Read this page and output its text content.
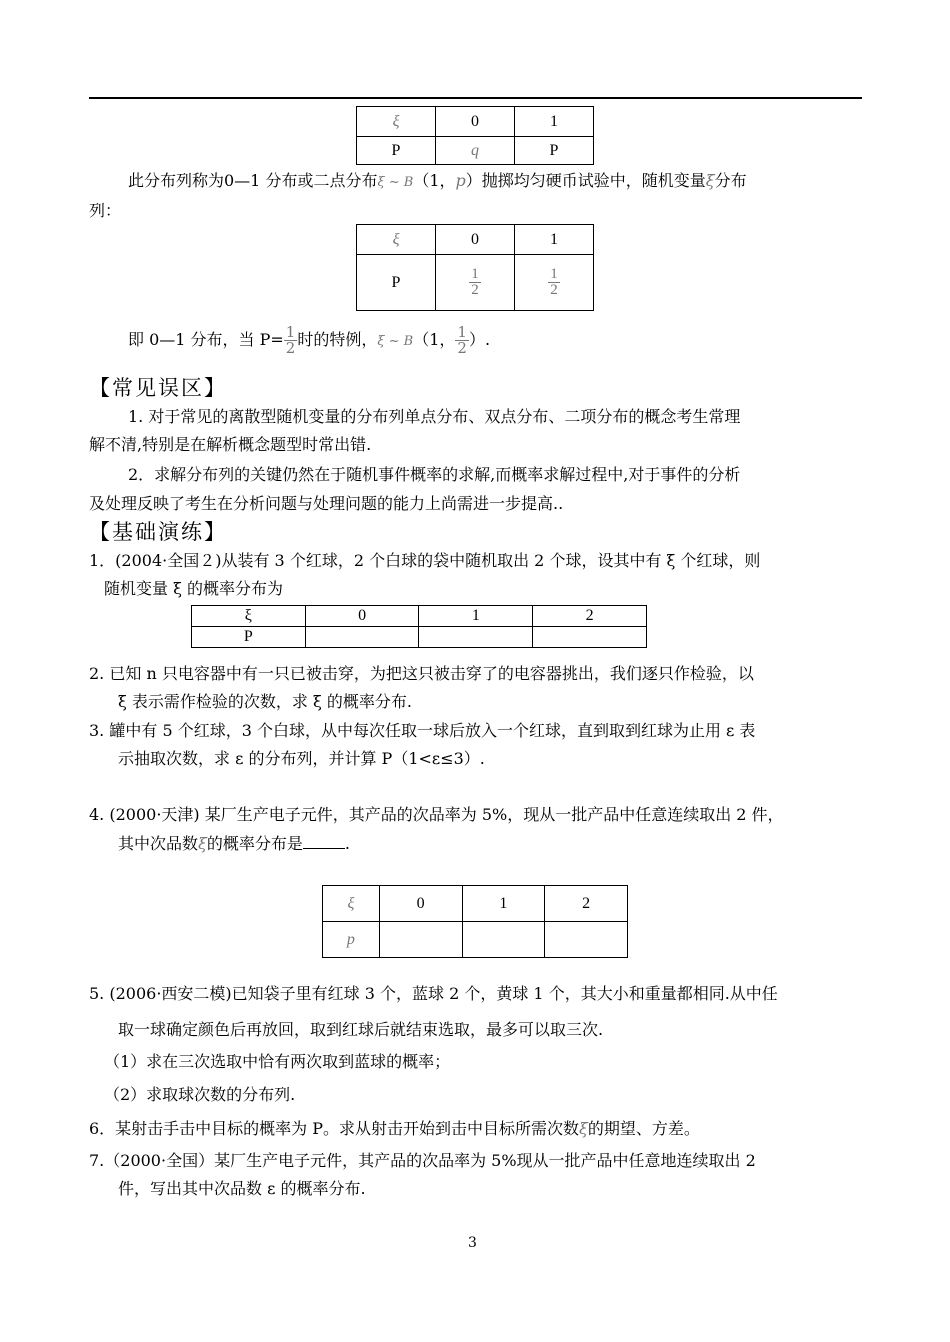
ξ	0	1
P	q	P
此分布列称为0—1 分布或二点分布ξ ~ B（1，p）抛掷均匀硬币试验中，随机变量ξ分布
列：
ξ	0	1
P	$\frac{1}{2}$	$\frac{1}{2}$
即 0—1 分布，当 $P= \frac{1}{2}$ 时的特例，ξ ~ B（1， $\frac{1}{2}$ ）.
【常见误区】
1. 对于常见的离散型随机变量的分布列单点分布、双点分布、二项分布的概念考生常理
解不清,特别是在解析概念题型时常出错.
2．求解分布列的关键仍然在于随机事件概率的求解,而概率求解过程中,对于事件的分析
及处理反映了考生在分析问题与处理问题的能力上尚需进一步提高..
【基础演练】
1．(2004·全国２)从装有 3 个红球，2 个白球的袋中随机取出 2 个球，设其中有 ξ 个红球，则
随机变量 ξ 的概率分布为
ξ	0	1	2
P			
2. 已知 n 只电容器中有一只已被击穿，为把这只被击穿了的电容器挑出，我们逐只作检验，以
ξ 表示需作检验的次数，求 ξ 的概率分布.
3. 罐中有 5 个红球，3 个白球，从中每次任取一球后放入一个红球，直到取到红球为止用 ε 表
示抽取次数，求 ε 的分布列，并计算 P（1<ε≤3）.
4. (2000·天津) 某厂生产电子元件，其产品的次品率为 5%，现从一批产品中任意连续取出 2 件，
其中次品数ξ的概率分布是	.
ξ	0	1	2
p			
5. (2006·西安二模)已知袋子里有红球 3 个，蓝球 2 个，黄球 1 个，其大小和重量都相同.从中任
取一球确定颜色后再放回，取到红球后就结束选取，最多可以取三次.
（1）求在三次选取中恰有两次取到蓝球的概率；
（2）求取球次数的分布列.
6．某射击手击中目标的概率为 P。求从射击开始到击中目标所需次数ξ的期望、方差。
7.（2000·全国）某厂生产电子元件，其产品的次品率为 5%现从一批产品中任意地连续取出 2
件，写出其中次品数 ε 的概率分布.
3
